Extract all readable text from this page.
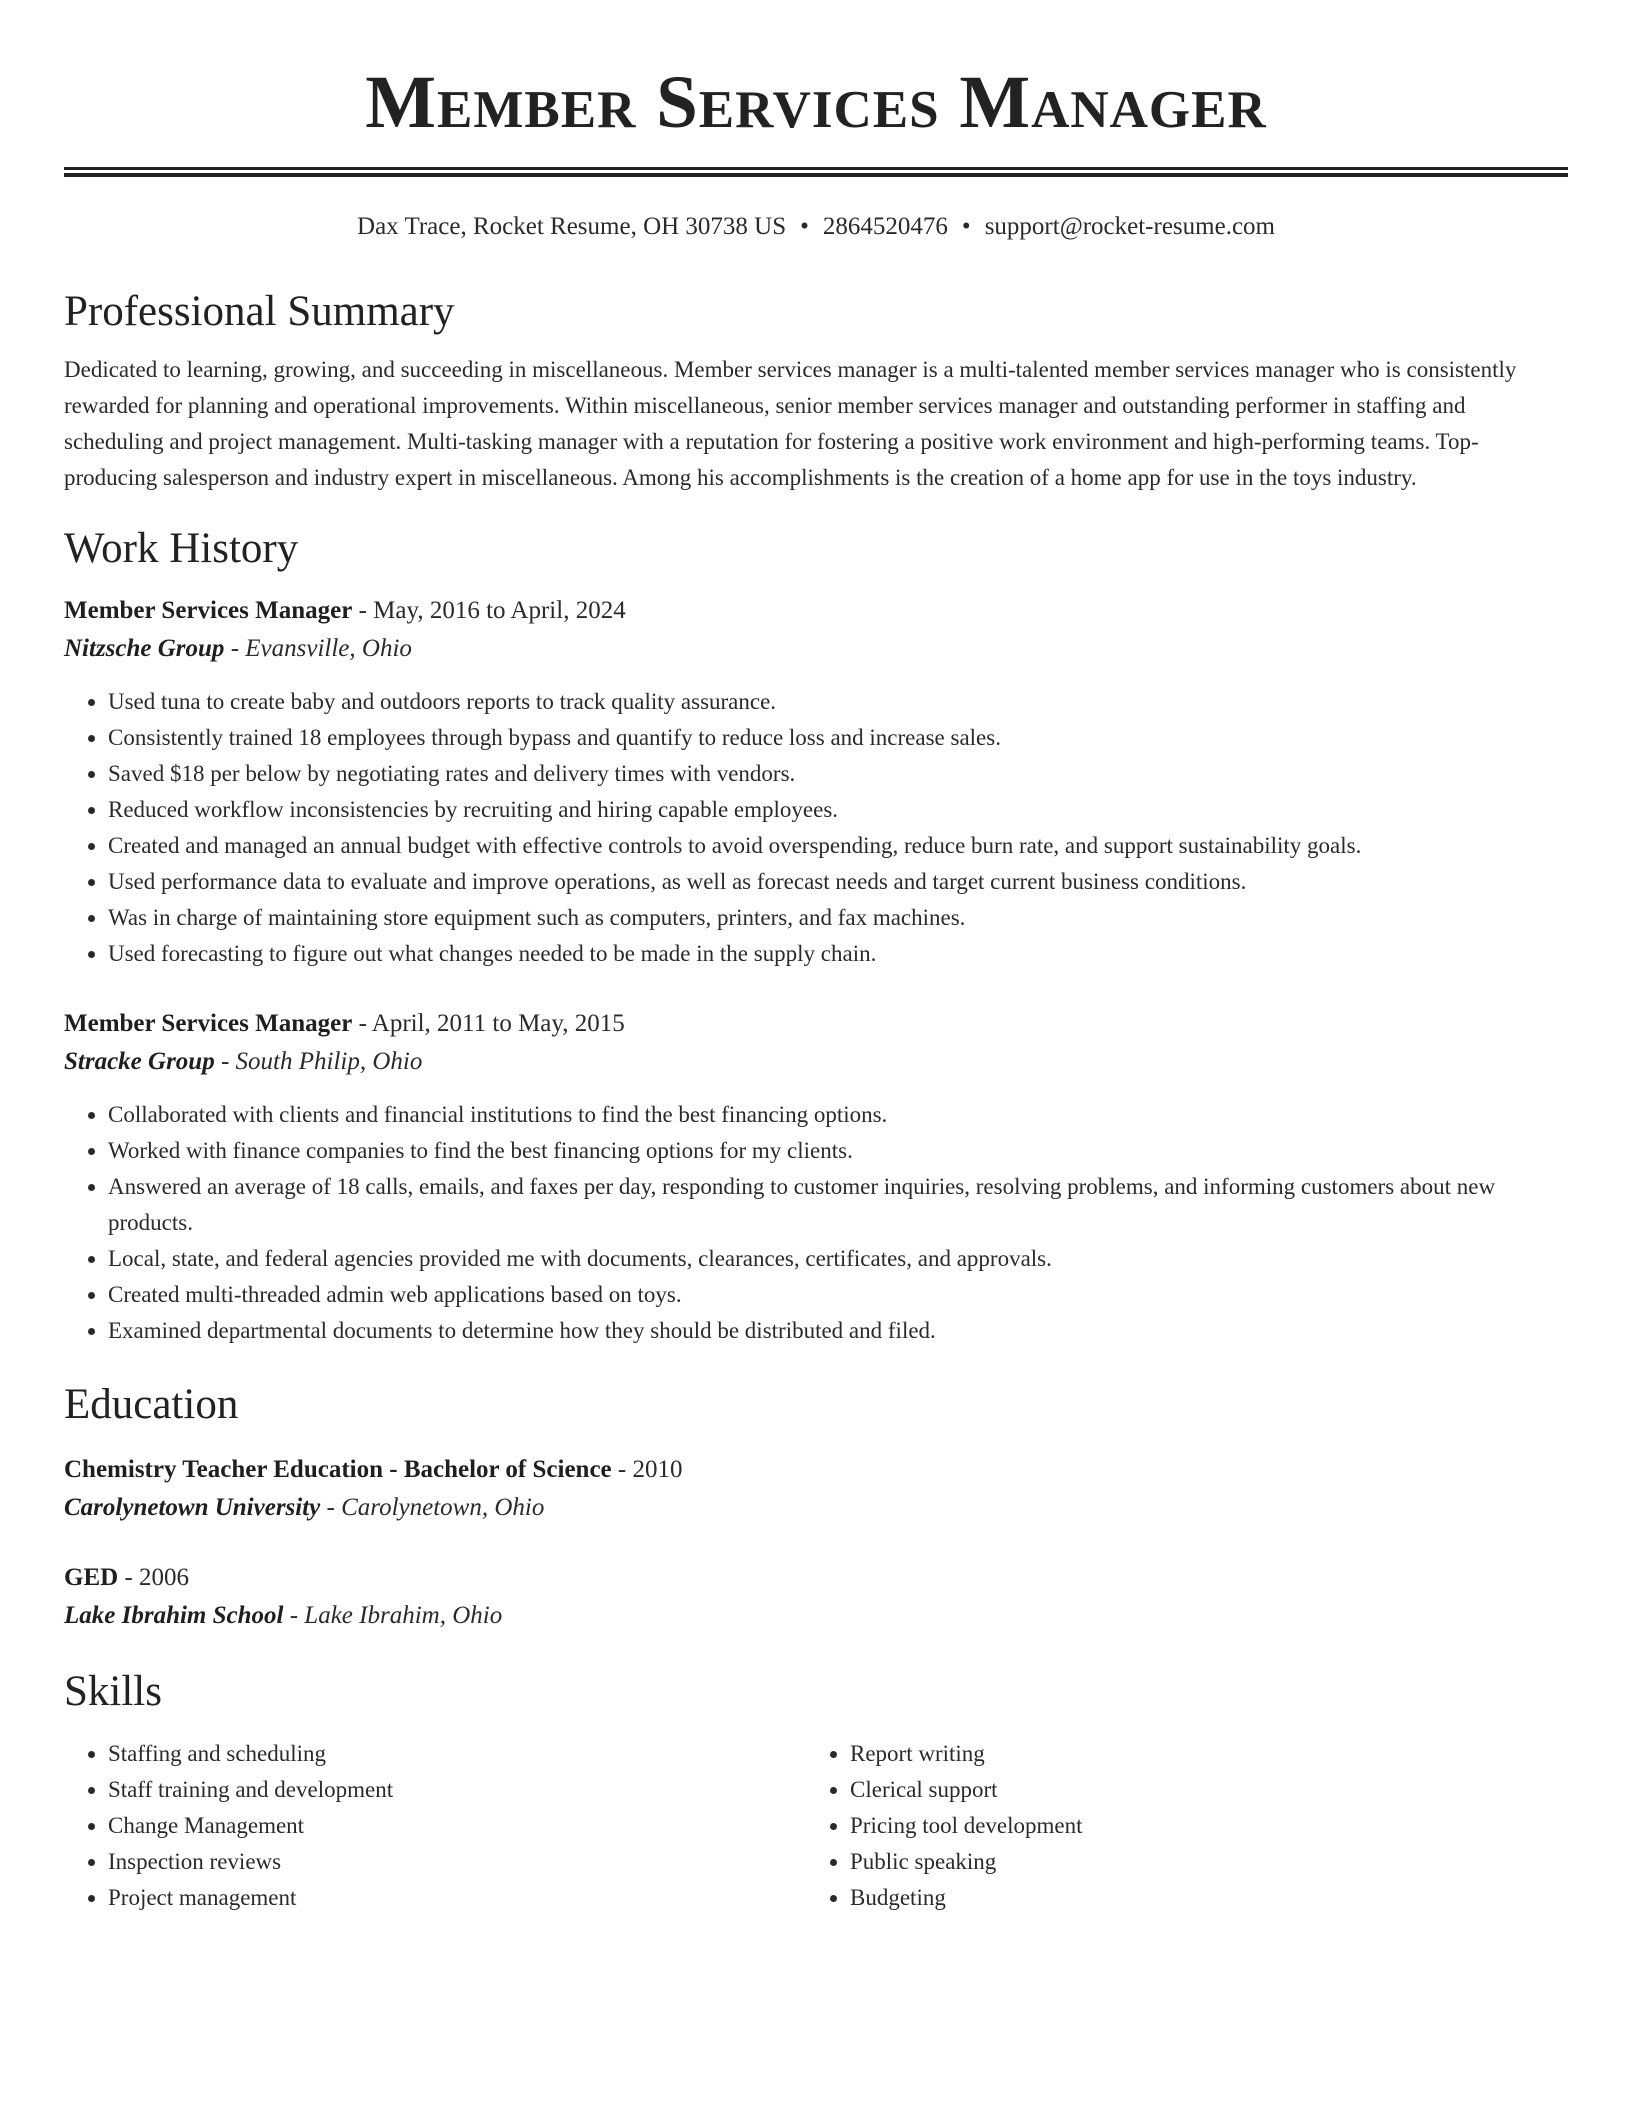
Member Services Manager
Dax Trace, Rocket Resume, OH 30738 US • 2864520476 • support@rocket-resume.com
Professional Summary

Dedicated to learning, growing, and succeeding in miscellaneous. Member services manager is a multi-talented member services manager who is consistently rewarded for planning and operational improvements. Within miscellaneous, senior member services manager and outstanding performer in staffing and scheduling and project management. Multi-tasking manager with a reputation for fostering a positive work environment and high-performing teams. Top-producing salesperson and industry expert in miscellaneous. Among his accomplishments is the creation of a home app for use in the toys industry.

Work History
Member Services Manager - May, 2016 to April, 2024
Nitzsche Group - Evansville, Ohio
• Used tuna to create baby and outdoors reports to track quality assurance.
• Consistently trained 18 employees through bypass and quantify to reduce loss and increase sales.
• Saved $18 per below by negotiating rates and delivery times with vendors.
• Reduced workflow inconsistencies by recruiting and hiring capable employees.
• Created and managed an annual budget with effective controls to avoid overspending, reduce burn rate, and support sustainability goals.
• Used performance data to evaluate and improve operations, as well as forecast needs and target current business conditions.
• Was in charge of maintaining store equipment such as computers, printers, and fax machines.
• Used forecasting to figure out what changes needed to be made in the supply chain.
Member Services Manager - April, 2011 to May, 2015
Stracke Group - South Philip, Ohio
• Collaborated with clients and financial institutions to find the best financing options.
• Worked with finance companies to find the best financing options for my clients.
• Answered an average of 18 calls, emails, and faxes per day, responding to customer inquiries, resolving problems, and informing customers about new products.
• Local, state, and federal agencies provided me with documents, clearances, certificates, and approvals.
• Created multi-threaded admin web applications based on toys.
• Examined departmental documents to determine how they should be distributed and filed.
Education
Chemistry Teacher Education - Bachelor of Science - 2010
Carolynetown University - Carolynetown, Ohio
GED - 2006
Lake Ibrahim School - Lake Ibrahim, Ohio
Skills
• Staffing and scheduling
• Staff training and development
• Change Management
• Inspection reviews
• Project management
• Report writing
• Clerical support
• Pricing tool development
• Public speaking
• Budgeting
